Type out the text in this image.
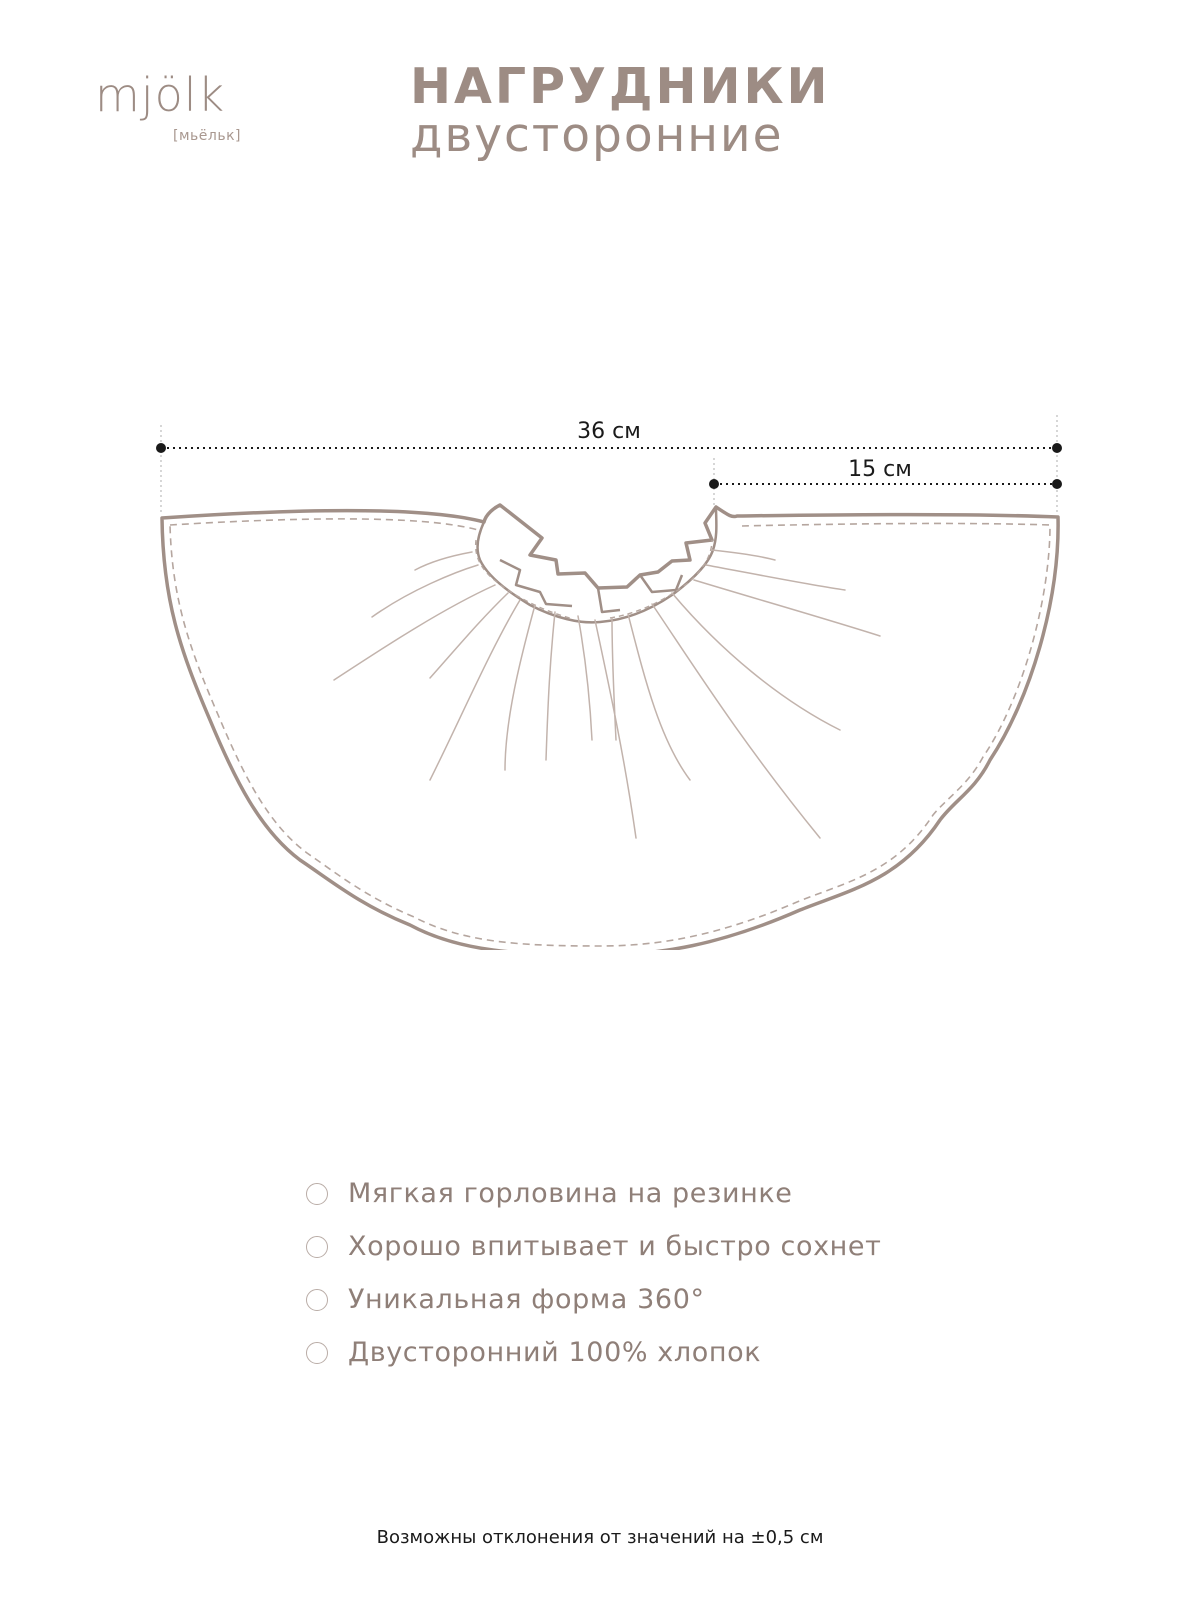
mjölk
[мьёльк]
НАГРУДНИКИ
двусторонние
36 см
15 см
Мягкая горловина на резинке
Хорошо впитывает и быстро сохнет
Уникальная форма 360°
Двусторонний 100% хлопок
Возможны отклонения от значений на ±0,5 см
